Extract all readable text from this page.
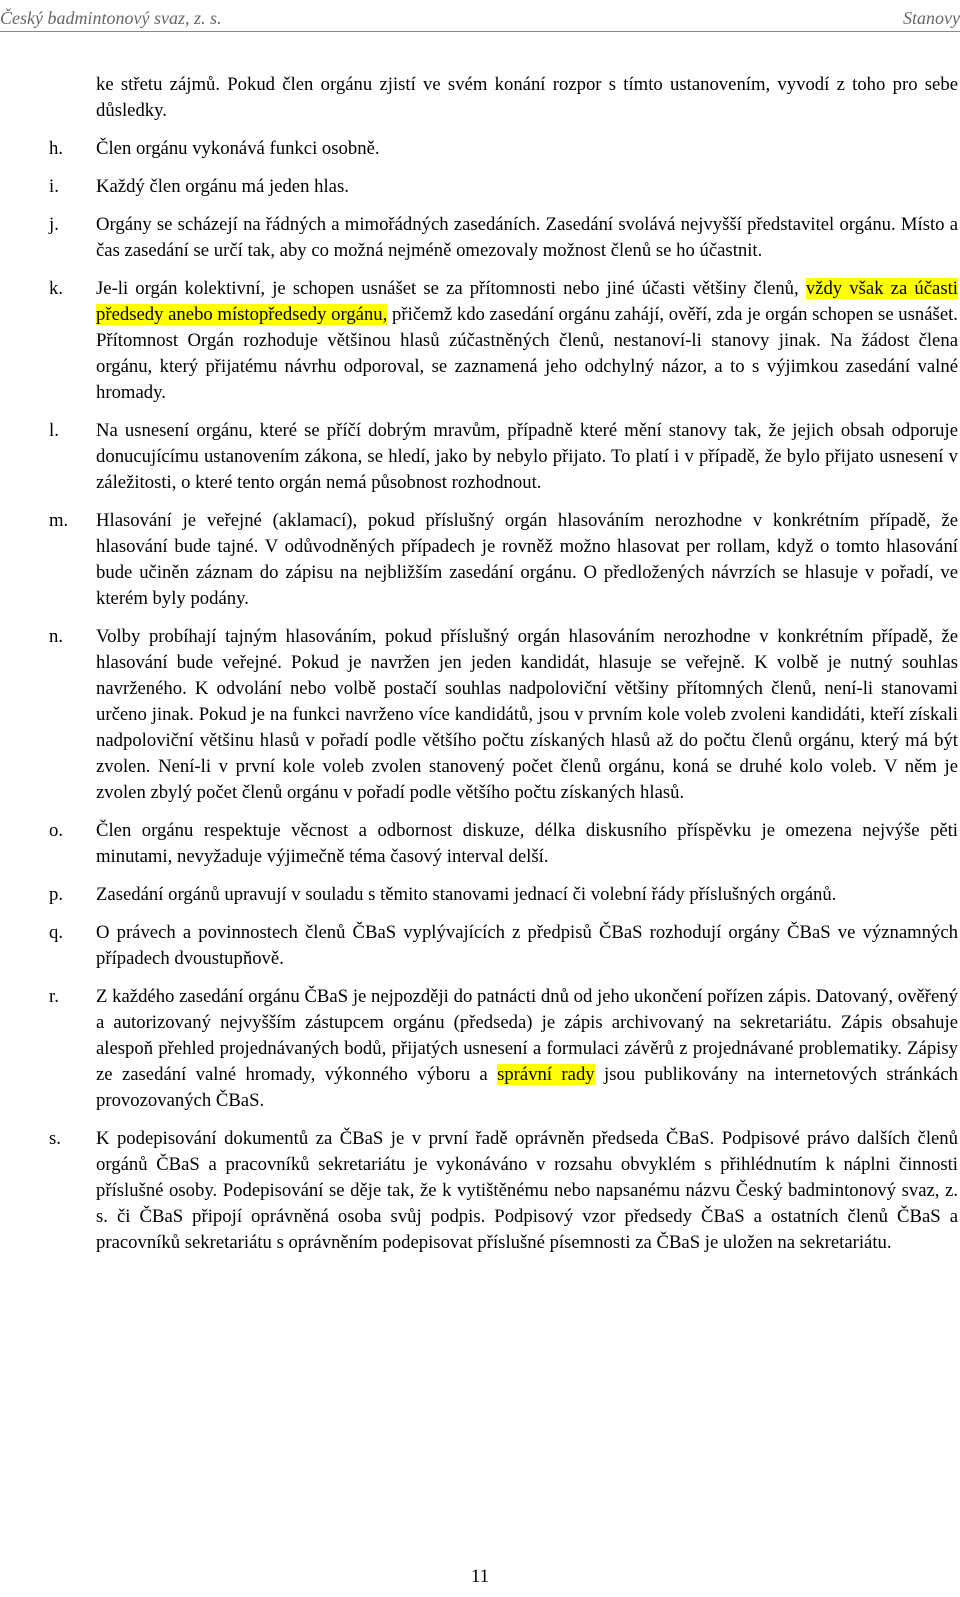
Český badmintonový svaz, z. s.	Stanovy
ke střetu zájmů. Pokud člen orgánu zjistí ve svém konání rozpor s tímto ustanovením, vyvodí z toho pro sebe důsledky.
h. Člen orgánu vykonává funkci osobně.
i. Každý člen orgánu má jeden hlas.
j. Orgány se scházejí na řádných a mimořádných zasedáních. Zasedání svolává nejvyšší představitel orgánu. Místo a čas zasedání se určí tak, aby co možná nejméně omezovaly možnost členů se ho účastnit.
k. Je-li orgán kolektivní, je schopen usnášet se za přítomnosti nebo jiné účasti většiny členů, vždy však za účasti předsedy anebo místopředsedy orgánu, přičemž kdo zasedání orgánu zahájí, ověří, zda je orgán schopen se usnášet. Přítomnost Orgán rozhoduje většinou hlasů zúčastněných členů, nestanoví-li stanovy jinak. Na žádost člena orgánu, který přijatému návrhu odporoval, se zaznamená jeho odchylný názor, a to s výjimkou zasedání valné hromady.
l. Na usnesení orgánu, které se příčí dobrým mravům, případně které mění stanovy tak, že jejich obsah odporuje donucujícímu ustanovením zákona, se hledí, jako by nebylo přijato. To platí i v případě, že bylo přijato usnesení v záležitosti, o které tento orgán nemá působnost rozhodnout.
m. Hlasování je veřejné (aklamací), pokud příslušný orgán hlasováním nerozhodne v konkrétním případě, že hlasování bude tajné. V odůvodněných případech je rovněž možno hlasovat per rollam, když o tomto hlasování bude učiněn záznam do zápisu na nejbližším zasedání orgánu. O předložených návrzích se hlasuje v pořadí, ve kterém byly podány.
n. Volby probíhají tajným hlasováním, pokud příslušný orgán hlasováním nerozhodne v konkrétním případě, že hlasování bude veřejné. Pokud je navržen jen jeden kandidát, hlasuje se veřejně. K volbě je nutný souhlas navrženého. K odvolání nebo volbě postačí souhlas nadpoloviční většiny přítomných členů, není-li stanovami určeno jinak. Pokud je na funkci navrženo více kandidátů, jsou v prvním kole voleb zvoleni kandidáti, kteří získali nadpoloviční většinu hlasů v pořadí podle většího počtu získaných hlasů až do počtu členů orgánu, který má být zvolen. Není-li v první kole voleb zvolen stanovený počet členů orgánu, koná se druhé kolo voleb. V něm je zvolen zbylý počet členů orgánu v pořadí podle většího počtu získaných hlasů.
o. Člen orgánu respektuje věcnost a odbornost diskuze, délka diskusního příspěvku je omezena nejvýše pěti minutami, nevyžaduje výjimečně téma časový interval delší.
p. Zasedání orgánů upravují v souladu s těmito stanovami jednací či volební řády příslušných orgánů.
q. O právech a povinnostech členů ČBaS vyplývajících z předpisů ČBaS rozhodují orgány ČBaS ve významných případech dvoustupňově.
r. Z každého zasedání orgánu ČBaS je nejpozději do patnácti dnů od jeho ukončení pořízen zápis. Datovaný, ověřený a autorizovaný nejvyšším zástupcem orgánu (předseda) je zápis archivovaný na sekretariátu. Zápis obsahuje alespoň přehled projednávaných bodů, přijatých usnesení a formulaci závěrů z projednávané problematiky. Zápisy ze zasedání valné hromady, výkonného výboru a správní rady jsou publikovány na internetových stránkách provozovaných ČBaS.
s. K podepisování dokumentů za ČBaS je v první řadě oprávněn předseda ČBaS. Podpisové právo dalších členů orgánů ČBaS a pracovníků sekretariátu je vykonáváno v rozsahu obvyklém s přihlédnutím k náplni činnosti příslušné osoby. Podepisování se děje tak, že k vytištěnému nebo napsanému názvu Český badmintonový svaz, z. s. či ČBaS připojí oprávněná osoba svůj podpis. Podpisový vzor předsedy ČBaS a ostatních členů ČBaS a pracovníků sekretariátu s oprávněním podepisovat příslušné písemnosti za ČBaS je uložen na sekretariátu.
11
